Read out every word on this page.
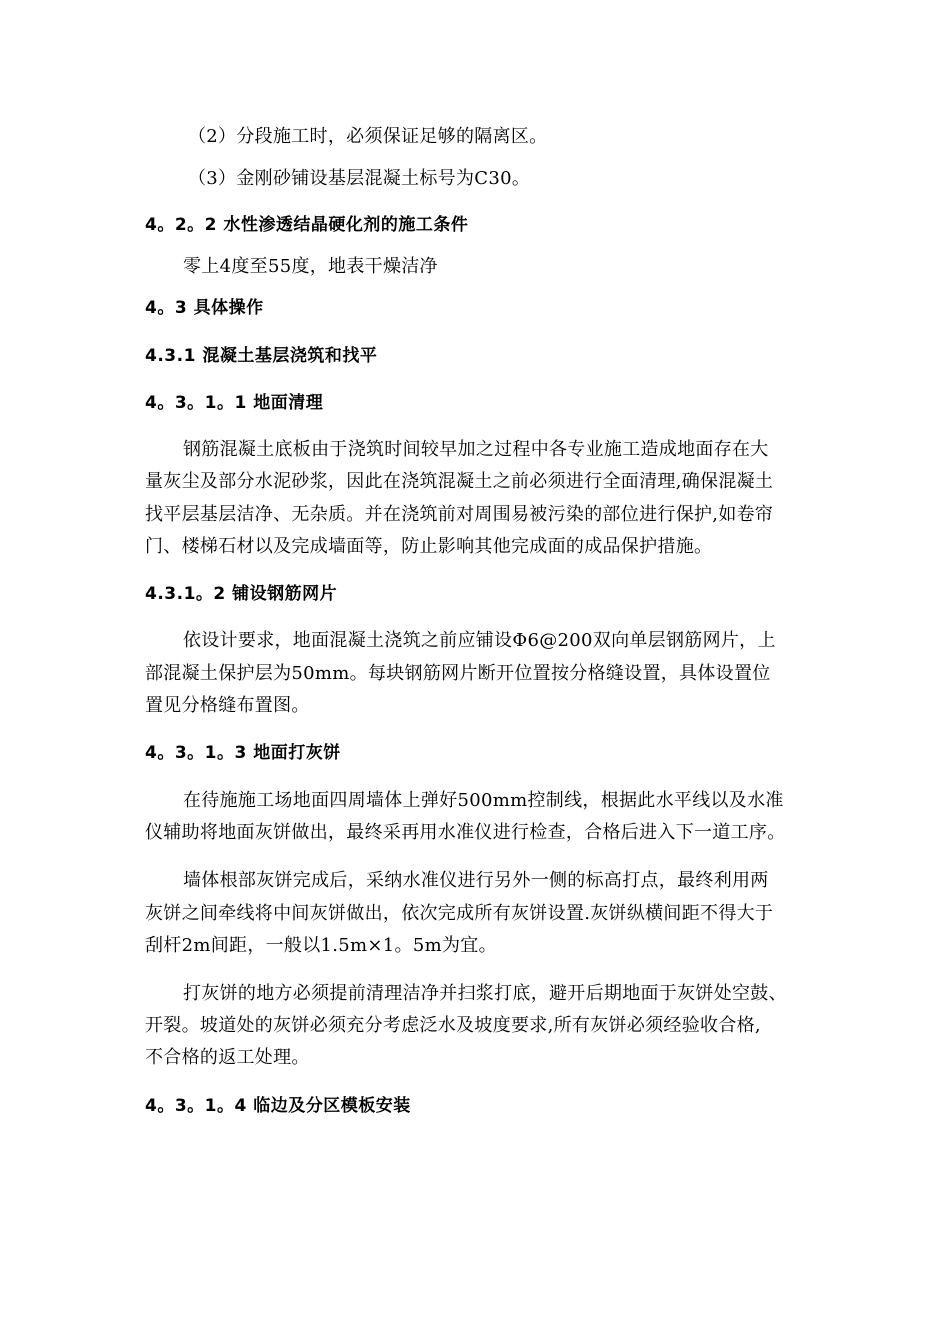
（2）分段施工时，必须保证足够的隔离区。
（3）金刚砂铺设基层混凝土标号为C30。
4。2。2 水性渗透结晶硬化剂的施工条件
零上4度至55度，地表干燥洁净
4。3 具体操作
4.3.1 混凝土基层浇筑和找平
4。3。1。1 地面清理
钢筋混凝土底板由于浇筑时间较早加之过程中各专业施工造成地面存在大
量灰尘及部分水泥砂浆，因此在浇筑混凝土之前必须进行全面清理,确保混凝土
找平层基层洁净、无杂质。并在浇筑前对周围易被污染的部位进行保护,如卷帘
门、楼梯石材以及完成墙面等，防止影响其他完成面的成品保护措施。
4.3.1。2 铺设钢筋网片
依设计要求，地面混凝土浇筑之前应铺设Φ6@200双向单层钢筋网片，上
部混凝土保护层为50mm。每块钢筋网片断开位置按分格缝设置，具体设置位
置见分格缝布置图。
4。3。1。3 地面打灰饼
在待施施工场地面四周墙体上弹好500mm控制线，根据此水平线以及水准
仪辅助将地面灰饼做出，最终采再用水准仪进行检查，合格后进入下一道工序。
墙体根部灰饼完成后，采纳水准仪进行另外一侧的标高打点，最终利用两
灰饼之间牵线将中间灰饼做出，依次完成所有灰饼设置.灰饼纵横间距不得大于
刮杆2m间距，一般以1.5m×1。5m为宜。
打灰饼的地方必须提前清理洁净并扫浆打底，避开后期地面于灰饼处空鼓、
开裂。坡道处的灰饼必须充分考虑泛水及坡度要求,所有灰饼必须经验收合格,
不合格的返工处理。
4。3。1。4 临边及分区模板安装
